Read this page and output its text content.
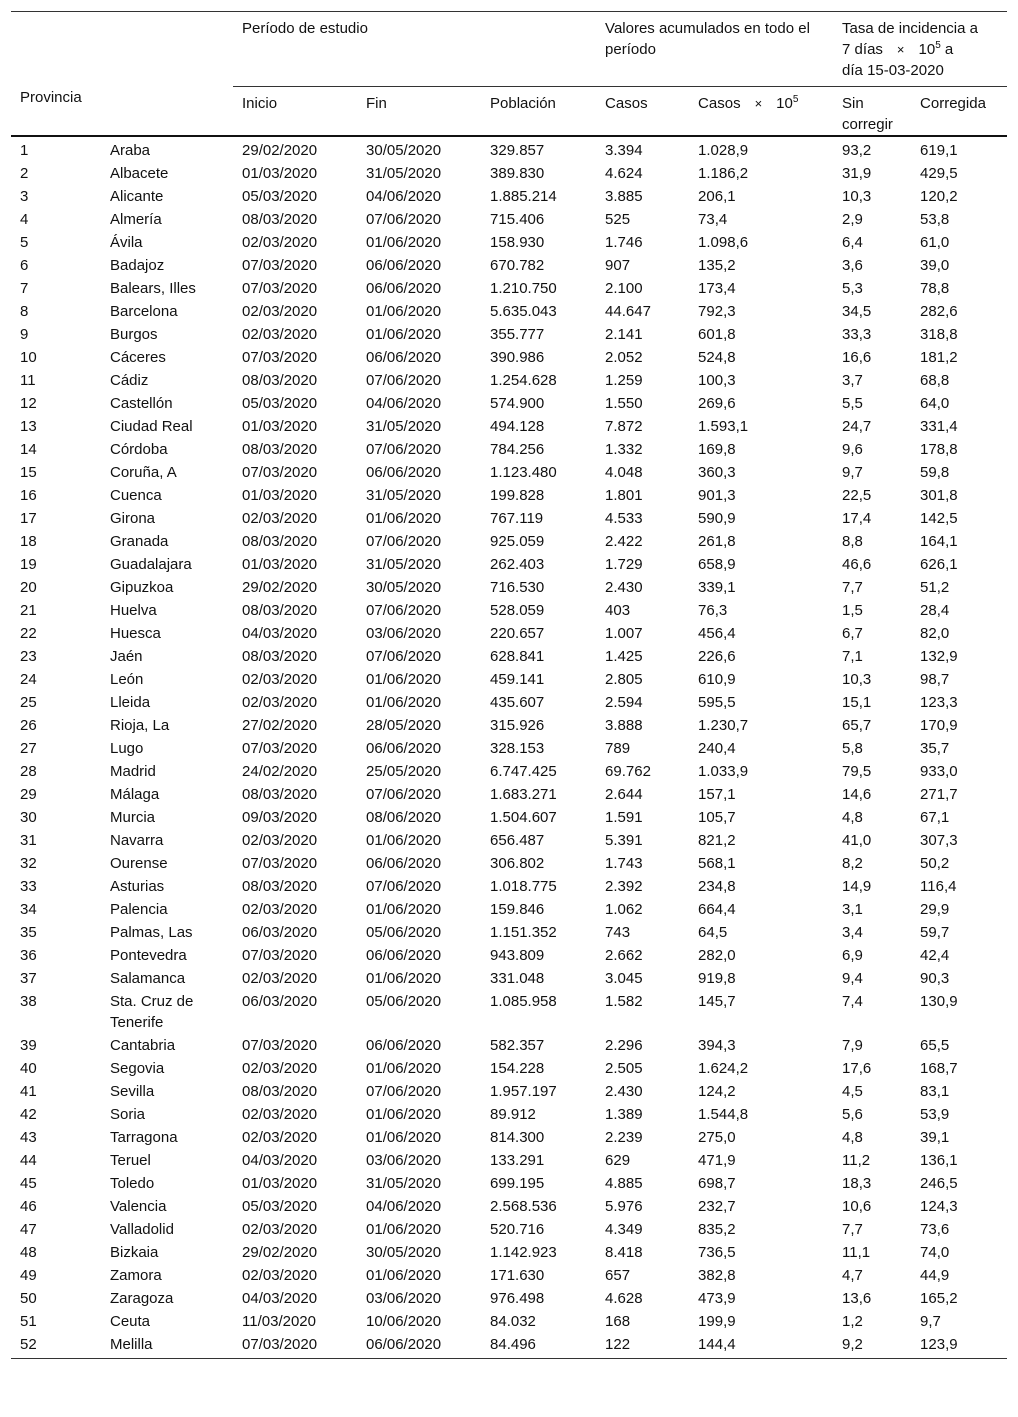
Provincia		Período de estudio			Valores acumulados en todo el período		Tasa de incidencia a
7 días × $10^5$ a
día 15-03-2020	
		Inicio	Fin	Población	Casos	Casos × $10^5$	Sin corregir	Corregida
1	Araba	29/02/2020	30/05/2020	329.857	3.394	1.028,9	93,2	619,1
2	Albacete	01/03/2020	31/05/2020	389.830	4.624	1.186,2	31,9	429,5
3	Alicante	05/03/2020	04/06/2020	1.885.214	3.885	206,1	10,3	120,2
4	Almería	08/03/2020	07/06/2020	715.406	525	73,4	2,9	53,8
5	Ávila	02/03/2020	01/06/2020	158.930	1.746	1.098,6	6,4	61,0
6	Badajoz	07/03/2020	06/06/2020	670.782	907	135,2	3,6	39,0
7	Balears, Illes	07/03/2020	06/06/2020	1.210.750	2.100	173,4	5,3	78,8
8	Barcelona	02/03/2020	01/06/2020	5.635.043	44.647	792,3	34,5	282,6
9	Burgos	02/03/2020	01/06/2020	355.777	2.141	601,8	33,3	318,8
10	Cáceres	07/03/2020	06/06/2020	390.986	2.052	524,8	16,6	181,2
11	Cádiz	08/03/2020	07/06/2020	1.254.628	1.259	100,3	3,7	68,8
12	Castellón	05/03/2020	04/06/2020	574.900	1.550	269,6	5,5	64,0
13	Ciudad Real	01/03/2020	31/05/2020	494.128	7.872	1.593,1	24,7	331,4
14	Córdoba	08/03/2020	07/06/2020	784.256	1.332	169,8	9,6	178,8
15	Coruña, A	07/03/2020	06/06/2020	1.123.480	4.048	360,3	9,7	59,8
16	Cuenca	01/03/2020	31/05/2020	199.828	1.801	901,3	22,5	301,8
17	Girona	02/03/2020	01/06/2020	767.119	4.533	590,9	17,4	142,5
18	Granada	08/03/2020	07/06/2020	925.059	2.422	261,8	8,8	164,1
19	Guadalajara	01/03/2020	31/05/2020	262.403	1.729	658,9	46,6	626,1
20	Gipuzkoa	29/02/2020	30/05/2020	716.530	2.430	339,1	7,7	51,2
21	Huelva	08/03/2020	07/06/2020	528.059	403	76,3	1,5	28,4
22	Huesca	04/03/2020	03/06/2020	220.657	1.007	456,4	6,7	82,0
23	Jaén	08/03/2020	07/06/2020	628.841	1.425	226,6	7,1	132,9
24	León	02/03/2020	01/06/2020	459.141	2.805	610,9	10,3	98,7
25	Lleida	02/03/2020	01/06/2020	435.607	2.594	595,5	15,1	123,3
26	Rioja, La	27/02/2020	28/05/2020	315.926	3.888	1.230,7	65,7	170,9
27	Lugo	07/03/2020	06/06/2020	328.153	789	240,4	5,8	35,7
28	Madrid	24/02/2020	25/05/2020	6.747.425	69.762	1.033,9	79,5	933,0
29	Málaga	08/03/2020	07/06/2020	1.683.271	2.644	157,1	14,6	271,7
30	Murcia	09/03/2020	08/06/2020	1.504.607	1.591	105,7	4,8	67,1
31	Navarra	02/03/2020	01/06/2020	656.487	5.391	821,2	41,0	307,3
32	Ourense	07/03/2020	06/06/2020	306.802	1.743	568,1	8,2	50,2
33	Asturias	08/03/2020	07/06/2020	1.018.775	2.392	234,8	14,9	116,4
34	Palencia	02/03/2020	01/06/2020	159.846	1.062	664,4	3,1	29,9
35	Palmas, Las	06/03/2020	05/06/2020	1.151.352	743	64,5	3,4	59,7
36	Pontevedra	07/03/2020	06/06/2020	943.809	2.662	282,0	6,9	42,4
37	Salamanca	02/03/2020	01/06/2020	331.048	3.045	919,8	9,4	90,3
38	Sta. Cruz de Tenerife	06/03/2020	05/06/2020	1.085.958	1.582	145,7	7,4	130,9
39	Cantabria	07/03/2020	06/06/2020	582.357	2.296	394,3	7,9	65,5
40	Segovia	02/03/2020	01/06/2020	154.228	2.505	1.624,2	17,6	168,7
41	Sevilla	08/03/2020	07/06/2020	1.957.197	2.430	124,2	4,5	83,1
42	Soria	02/03/2020	01/06/2020	89.912	1.389	1.544,8	5,6	53,9
43	Tarragona	02/03/2020	01/06/2020	814.300	2.239	275,0	4,8	39,1
44	Teruel	04/03/2020	03/06/2020	133.291	629	471,9	11,2	136,1
45	Toledo	01/03/2020	31/05/2020	699.195	4.885	698,7	18,3	246,5
46	Valencia	05/03/2020	04/06/2020	2.568.536	5.976	232,7	10,6	124,3
47	Valladolid	02/03/2020	01/06/2020	520.716	4.349	835,2	7,7	73,6
48	Bizkaia	29/02/2020	30/05/2020	1.142.923	8.418	736,5	11,1	74,0
49	Zamora	02/03/2020	01/06/2020	171.630	657	382,8	4,7	44,9
50	Zaragoza	04/03/2020	03/06/2020	976.498	4.628	473,9	13,6	165,2
51	Ceuta	11/03/2020	10/06/2020	84.032	168	199,9	1,2	9,7
52	Melilla	07/03/2020	06/06/2020	84.496	122	144,4	9,2	123,9
